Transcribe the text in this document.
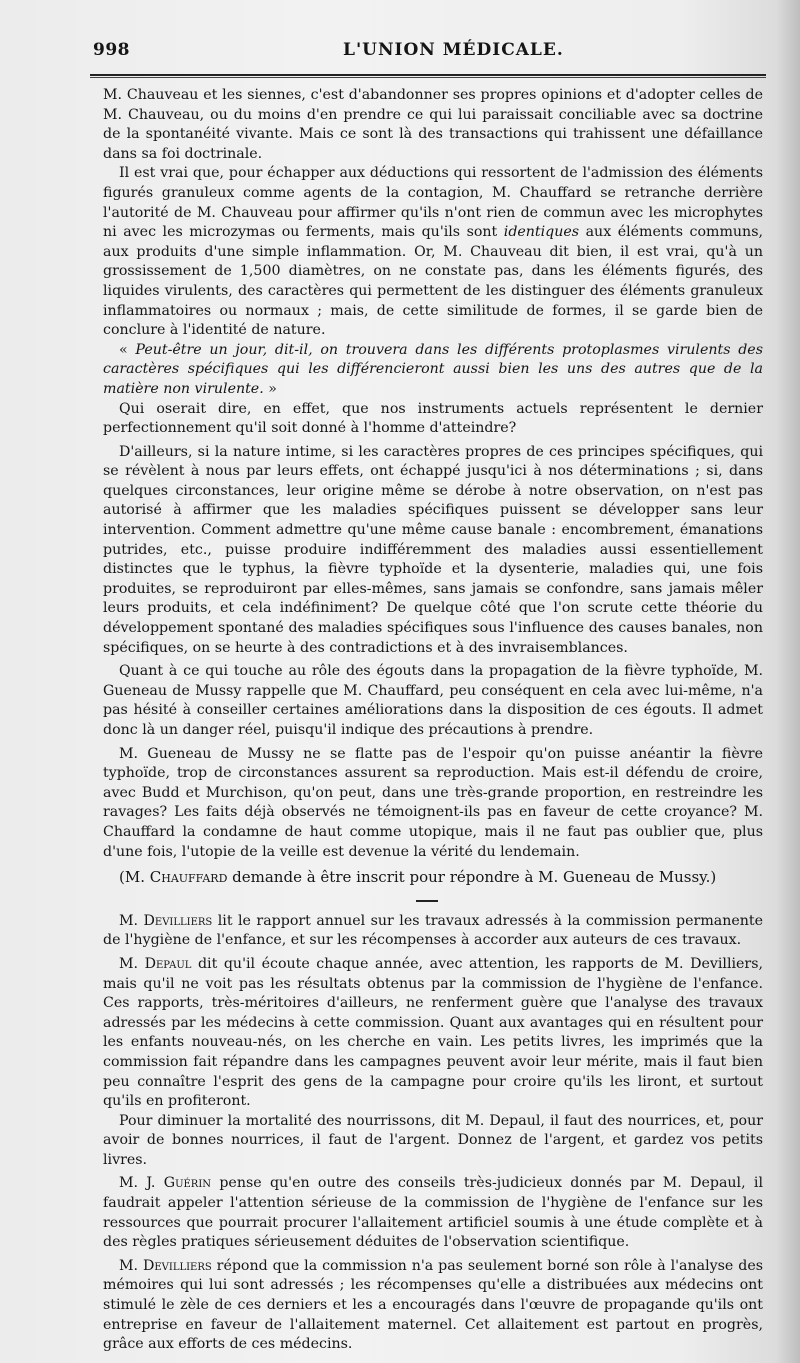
998	L'UNION MÉDICALE.

M. Chauveau et les siennes, c'est d'abandonner ses propres opinions et d'adopter celles de M. Chauveau, ou du moins d'en prendre ce qui lui paraissait conciliable avec sa doctrine de la spontanéité vivante. Mais ce sont là des transactions qui trahissent une défaillance dans sa foi doctrinale.

Il est vrai que, pour échapper aux déductions qui ressortent de l'admission des éléments figurés granuleux comme agents de la contagion, M. Chauffard se retranche derrière l'autorité de M. Chauveau pour affirmer qu'ils n'ont rien de commun avec les microphytes ni avec les microzymas ou ferments, mais qu'ils sont identiques aux éléments communs, aux produits d'une simple inflammation. Or, M. Chauveau dit bien, il est vrai, qu'à un grossissement de 1,500 diamètres, on ne constate pas, dans les éléments figurés, des liquides virulents, des caractères qui permettent de les distinguer des éléments granuleux inflammatoires ou normaux ; mais, de cette similitude de formes, il se garde bien de conclure à l'identité de nature.

« Peut-être un jour, dit-il, on trouvera dans les différents protoplasmes virulents des caractères spécifiques qui les différencieront aussi bien les uns des autres que de la matière non virulente. »

Qui oserait dire, en effet, que nos instruments actuels représentent le dernier perfectionnement qu'il soit donné à l'homme d'atteindre?

D'ailleurs, si la nature intime, si les caractères propres de ces principes spécifiques, qui se révèlent à nous par leurs effets, ont échappé jusqu'ici à nos déterminations ; si, dans quelques circonstances, leur origine même se dérobe à notre observation, on n'est pas autorisé à affirmer que les maladies spécifiques puissent se développer sans leur intervention. Comment admettre qu'une même cause banale : encombrement, émanations putrides, etc., puisse produire indifféremment des maladies aussi essentiellement distinctes que le typhus, la fièvre typhoïde et la dysenterie, maladies qui, une fois produites, se reproduiront par elles-mêmes, sans jamais se confondre, sans jamais mêler leurs produits, et cela indéfiniment? De quelque côté que l'on scrute cette théorie du développement spontané des maladies spécifiques sous l'influence des causes banales, non spécifiques, on se heurte à des contradictions et à des invraisemblances.

Quant à ce qui touche au rôle des égouts dans la propagation de la fièvre typhoïde, M. Gueneau de Mussy rappelle que M. Chauffard, peu conséquent en cela avec lui-même, n'a pas hésité à conseiller certaines améliorations dans la disposition de ces égouts. Il admet donc là un danger réel, puisqu'il indique des précautions à prendre.

M. Gueneau de Mussy ne se flatte pas de l'espoir qu'on puisse anéantir la fièvre typhoïde, trop de circonstances assurent sa reproduction. Mais est-il défendu de croire, avec Budd et Murchison, qu'on peut, dans une très-grande proportion, en restreindre les ravages? Les faits déjà observés ne témoignent-ils pas en faveur de cette croyance? M. Chauffard la condamne de haut comme utopique, mais il ne faut pas oublier que, plus d'une fois, l'utopie de la veille est devenue la vérité du lendemain.

(M. Chauffard demande à être inscrit pour répondre à M. Gueneau de Mussy.)

M. Devilliers lit le rapport annuel sur les travaux adressés à la commission permanente de l'hygiène de l'enfance, et sur les récompenses à accorder aux auteurs de ces travaux.

M. Depaul dit qu'il écoute chaque année, avec attention, les rapports de M. Devilliers, mais qu'il ne voit pas les résultats obtenus par la commission de l'hygiène de l'enfance. Ces rapports, très-méritoires d'ailleurs, ne renferment guère que l'analyse des travaux adressés par les médecins à cette commission. Quant aux avantages qui en résultent pour les enfants nouveau-nés, on les cherche en vain. Les petits livres, les imprimés que la commission fait répandre dans les campagnes peuvent avoir leur mérite, mais il faut bien peu connaître l'esprit des gens de la campagne pour croire qu'ils les liront, et surtout qu'ils en profiteront.

Pour diminuer la mortalité des nourrissons, dit M. Depaul, il faut des nourrices, et, pour avoir de bonnes nourrices, il faut de l'argent. Donnez de l'argent, et gardez vos petits livres.

M. J. Guérin pense qu'en outre des conseils très-judicieux donnés par M. Depaul, il faudrait appeler l'attention sérieuse de la commission de l'hygiène de l'enfance sur les ressources que pourrait procurer l'allaitement artificiel soumis à une étude complète et à des règles pratiques sérieusement déduites de l'observation scientifique.

M. Devilliers répond que la commission n'a pas seulement borné son rôle à l'analyse des mémoires qui lui sont adressés ; les récompenses qu'elle a distribuées aux médecins ont stimulé le zèle de ces derniers et les a encouragés dans l'œuvre de propagande qu'ils ont entreprise en faveur de l'allaitement maternel. Cet allaitement est partout en progrès, grâce aux efforts de ces médecins.
